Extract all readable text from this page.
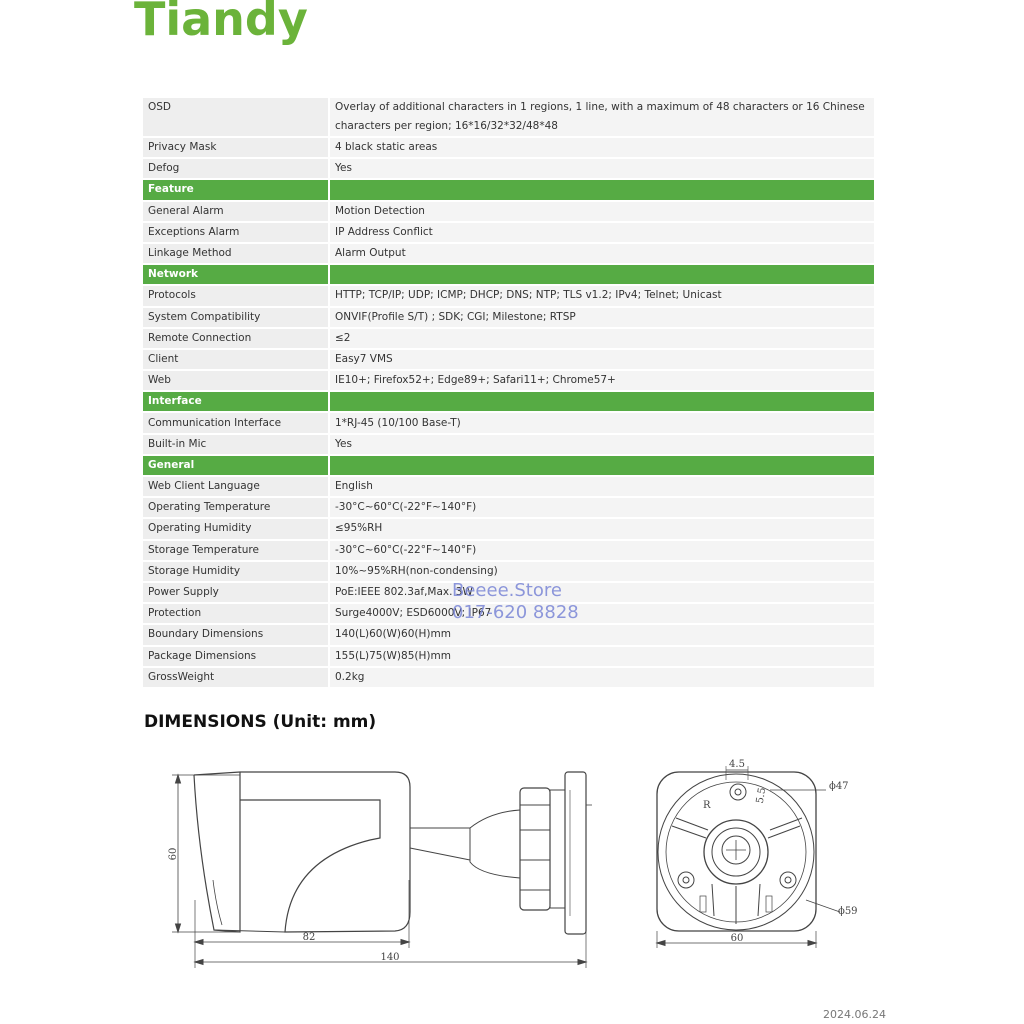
Tiandy
OSD	Overlay of additional characters in 1 regions, 1 line, with a maximum of 48 characters or 16 Chinese characters per region; 16*16/32*32/48*48
Privacy Mask	4 black static areas
Defog	Yes
Feature	
General Alarm	Motion Detection
Exceptions Alarm	IP Address Conflict
Linkage Method	Alarm Output
Network	
Protocols	HTTP; TCP/IP; UDP; ICMP; DHCP; DNS; NTP; TLS v1.2; IPv4; Telnet; Unicast
System Compatibility	ONVIF(Profile S/T) ; SDK; CGI; Milestone; RTSP
Remote Connection	≤2
Client	Easy7 VMS
Web	IE10+; Firefox52+; Edge89+; Safari11+; Chrome57+
Interface	
Communication Interface	1*RJ-45 (10/100 Base-T)
Built-in Mic	Yes
General	
Web Client Language	English
Operating Temperature	-30°C~60°C(-22°F~140°F)
Operating Humidity	≤95%RH
Storage Temperature	-30°C~60°C(-22°F~140°F)
Storage Humidity	10%~95%RH(non-condensing)
Power Supply	PoE:IEEE 802.3af,Max. 3W
Protection	Surge4000V; ESD6000V; IP67
Boundary Dimensions	140(L)60(W)60(H)mm
Package Dimensions	155(L)75(W)85(H)mm
GrossWeight	0.2kg
DIMENSIONS (Unit: mm)
60
82
140
4.5
5.5
ϕ47
ϕ59
R
60
Beeee.Store
017-620 8828
2024.06.24
